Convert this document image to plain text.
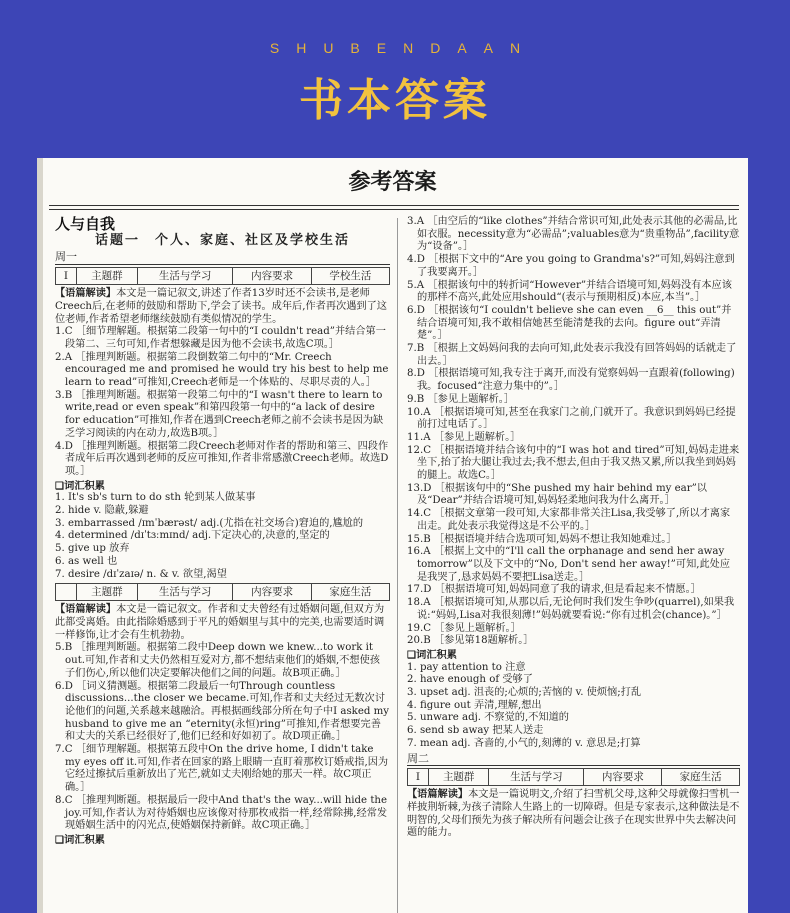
SHUBENDAAN
书本答案
参考答案
人与自我
话题一　个人、家庭、社区及学校生活
周一
I	主题群	生活与学习	内容要求	学校生活

【语篇解读】本文是一篇记叙文,讲述了作者13岁时还不会读书,是老师Creech后,在老师的鼓励和帮助下,学会了读书。成年后,作者再次遇到了这位老师,作者希望老师继续鼓励有类似情况的学生。

1.C ［细节理解题。根据第二段第一句中的“I couldn't read”并结合第一段第二、三句可知,作者想躲藏是因为他不会读书,故选C项。］

2.A ［推理判断题。根据第二段倒数第二句中的“Mr. Creech encouraged me and promised he would try his best to help me learn to read”可推知,Creech老师是一个体贴的、尽职尽责的人。］

3.B ［推理判断题。根据第一段第二句中的“I wasn't there to learn to write,read or even speak”和第四段第一句中的“a lack of desire for education”可推知,作者在遇到Creech老师之前不会读书是因为缺乏学习阅读的内在动力,故选B项。］

4.D ［推理判断题。根据第二段Creech老师对作者的帮助和第三、四段作者成年后再次遇到老师的反应可推知,作者非常感激Creech老师。故选D项。］

❑词汇积累

1. It's sb's turn to do sth 轮到某人做某事

2. hide v. 隐蔽,躲避

3. embarrassed /ɪmˈbærəst/ adj.(尤指在社交场合)窘迫的,尴尬的

4. determined /dɪˈtɜːmɪnd/ adj.下定决心的,决意的,坚定的

5. give up 放弃

6. as well 也

7. desire /dɪˈzaɪə/ n. & v. 欲望,渴望

	主题群	生活与学习	内容要求	家庭生活

【语篇解读】本文是一篇记叙文。作者和丈夫曾经有过婚姻问题,但双方为此都受离婚。由此指除婚感到于平凡的婚姻里与其中的完美,也需要适时调一样修饰,让才会有生机勃勃。

5.B ［推理判断题。根据第二段中Deep down we knew...to work it out.可知,作者和丈夫仍然相互爱对方,都不想结束他们的婚姻,不想使孩子们伤心,所以他们决定要解决他们之间的问题。故B项正确。］

6.D ［词义猜测题。根据第二段最后一句Through countless discussions...the closer we became.可知,作者和丈夫经过无数次讨论他们的问题,关系越来越融洽。再根据画线部分所在句子中I asked my husband to give me an “eternity(永恒)ring”可推知,作者想要完善和丈夫的关系已经很好了,他们已经和好如初了。故D项正确。］

7.C ［细节理解题。根据第五段中On the drive home, I didn't take my eyes off it.可知,作者在回家的路上眼睛一直盯着那枚订婚戒指,因为它经过擦拭后重新放出了光芒,就如丈夫刚给她的那天一样。故C项正确。］

8.C ［推理判断题。根据最后一段中And that's the way...will hide the joy.可知,作者认为对待婚姻也应该像对待那枚戒指一样,经常除拂,经常发现婚姻生活中的闪光点,使婚姻保持新鲜。故C项正确。］

❑词汇积累

3.A ［由空后的“like clothes”并结合常识可知,此处表示其他的必需品,比如衣服。necessity意为“必需品”;valuables意为“贵重物品”,facility意为“设备”。］

4.D ［根据下文中的“Are you going to Grandma's?”可知,妈妈注意到了我要离开。］

5.A ［根据该句中的转折词“However”并结合语境可知,妈妈没有本应该的那样不高兴,此处应用should“(表示与预期相反)本应,本当”。］

6.D ［根据该句“I couldn't believe she can even __6__ this out”并结合语境可知,我不敢相信她甚至能清楚我的去向。figure out“弄清楚”。］

7.B ［根据上文妈妈问我的去向可知,此处表示我没有回答妈妈的话就走了出去。］

8.D ［根据语境可知,我专注于离开,而没有觉察妈妈一直跟着(following)我。focused“注意力集中的”。］

9.B ［参见上题解析。］

10.A ［根据语境可知,甚至在我家门之前,门就开了。我意识到妈妈已经提前打过电话了。］

11.A ［参见上题解析。］

12.C ［根据语境并结合该句中的“I was hot and tired”可知,妈妈走进来坐下,抬了抬大腿让我过去;我不想去,但由于我又热又累,所以我坐到妈妈的腿上。故选C。］

13.D ［根据该句中的“She pushed my hair behind my ear”以及“Dear”并结合语境可知,妈妈轻柔地问我为什么离开。］

14.C ［根据文章第一段可知,大家都非常关注Lisa,我受够了,所以才离家出走。此处表示我觉得这是不公平的。］

15.B ［根据语境并结合选项可知,妈妈不想让我知她难过。］

16.A ［根据上文中的“I'll call the orphanage and send her away tomorrow”以及下文中的“No, Don't send her away!”可知,此处应是我哭了,恳求妈妈不要把Lisa送走。］

17.D ［根据语境可知,妈妈同意了我的请求,但是看起来不情愿。］

18.A ［根据语境可知,从那以后,无论何时我们发生争吵(quarrel),如果我说:“妈妈,Lisa对我很刻薄!”妈妈就要看说:“你有过机会(chance)。”］

19.C ［参见上题解析。］

20.B ［参见第18题解析。］

❑词汇积累

1. pay attention to 注意

2. have enough of 受够了

3. upset adj. 沮丧的;心烦的;苦恼的 v. 使烦恼;打乱

4. figure out 弄清,理解,想出

5. unware adj. 不察觉的,不知道的

6. send sb away 把某人送走

7. mean adj. 吝啬的,小气的,刻薄的 v. 意思是;打算

周二
I	主题群	生活与学习	内容要求	家庭生活

【语篇解读】本文是一篇说明文,介绍了扫雪机父母,这种父母就像扫雪机一样披荆斩棘,为孩子清除人生路上的一切障碍。但是专家表示,这种做法是不明智的,父母们预先为孩子解决所有问题会让孩子在现实世界中失去解决问题的能力。
